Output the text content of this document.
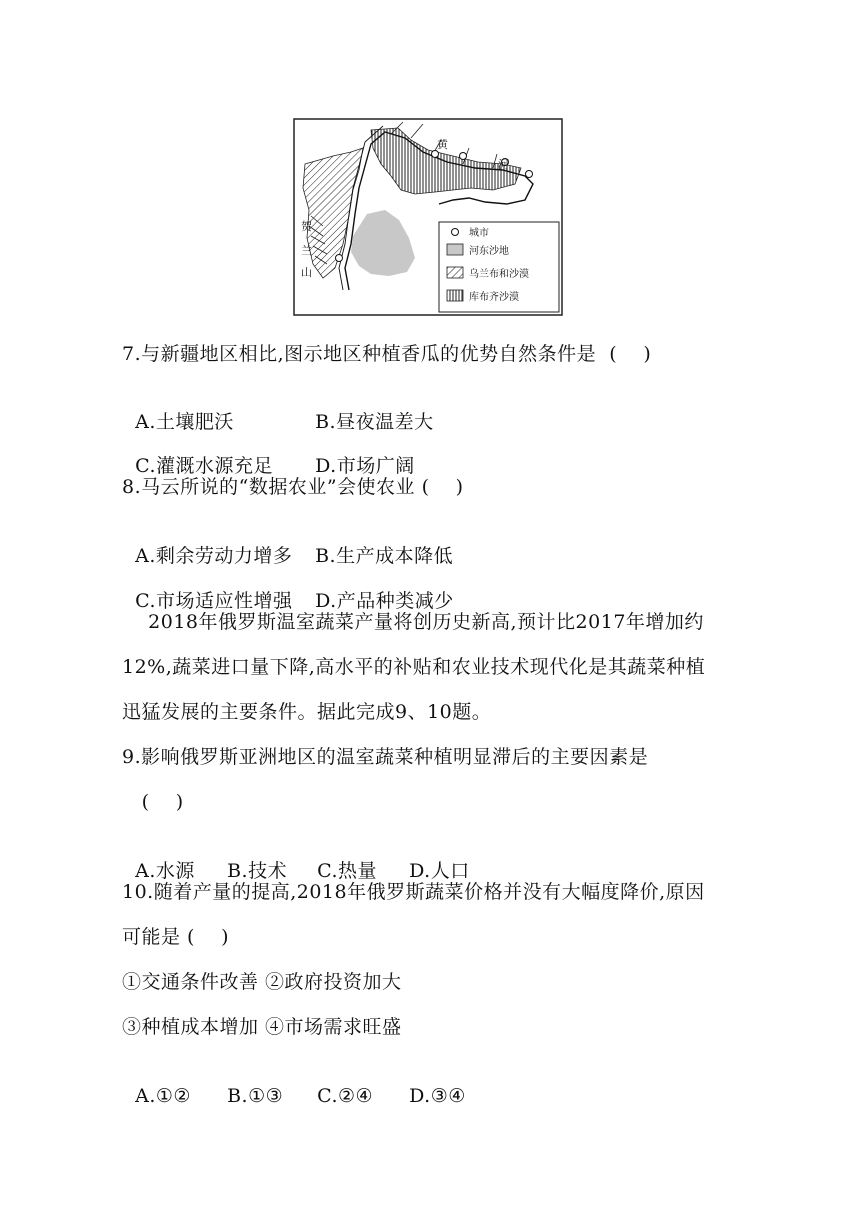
黄
河
贺
兰
山
城市
河东沙地
乌兰布和沙漠
库布齐沙漠
7.与新疆地区相比,图示地区种植香瓜的优势自然条件是  (    )

A.土壤肥沃	B.昼夜温差大

C.灌溉水源充足 D.市场广阔

8.马云所说的“数据农业”会使农业 (    )

A.剩余劳动力增多 B.生产成本降低

C.市场适应性增强 D.产品种类减少

2018年俄罗斯温室蔬菜产量将创历史新高,预计比2017年增加约
12%,蔬菜进口量下降,高水平的补贴和农业技术现代化是其蔬菜种植
迅猛发展的主要条件。据此完成9、10题。
9.影响俄罗斯亚洲地区的温室蔬菜种植明显滞后的主要因素是
(    )

A.水源 B.技术 C.热量 D.人口

10.随着产量的提高,2018年俄罗斯蔬菜价格并没有大幅度降价,原因
可能是 (    )
①交通条件改善 ②政府投资加大
③种植成本增加 ④市场需求旺盛

A.①② B.①③ C.②④ D.③④
